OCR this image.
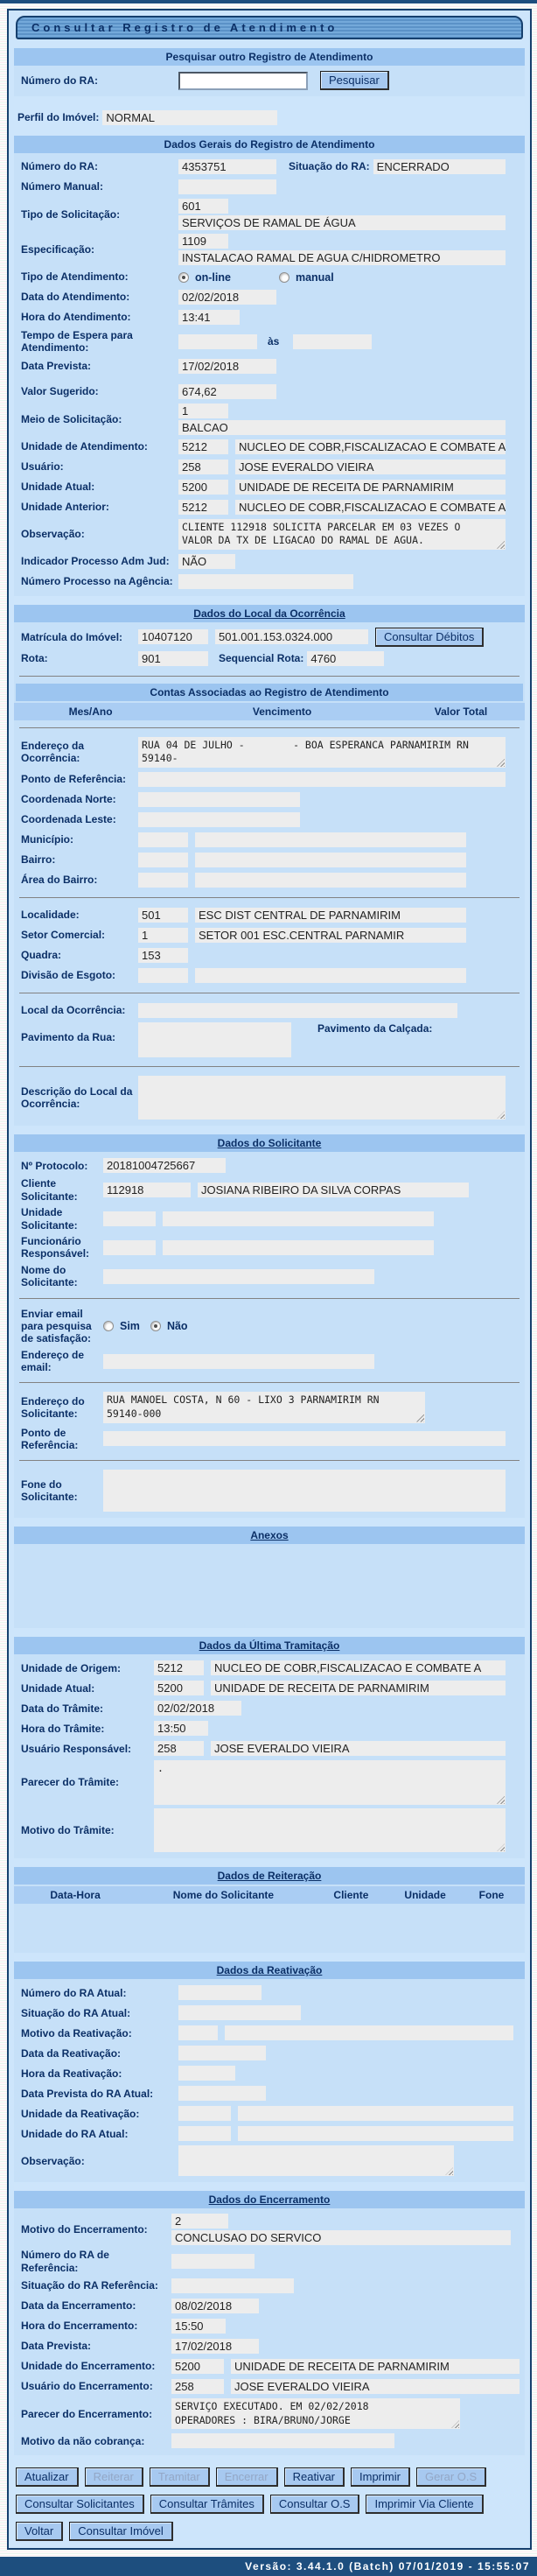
Consultar Registro de Atendimento
Pesquisar outro Registro de Atendimento
Número do RA:	Pesquisar
Perfil do Imóvel: NORMAL
Dados Gerais do Registro de Atendimento
Número do RA:	4353751	Situação do RA: ENCERRADO
Número Manual:
Tipo de Solicitação:
601
SERVIÇOS DE RAMAL DE ÁGUA
Especificação:
1109
INSTALACAO RAMAL DE AGUA C/HIDROMETRO
Tipo de Atendimento:	on-line	manual
Data do Atendimento:	02/02/2018
Hora do Atendimento:	13:41
Tempo de Espera para Atendimento:
às
Data Prevista:	17/02/2018
Valor Sugerido:	674,62
Meio de Solicitação:
1
BALCAO
Unidade de Atendimento:	5212	NUCLEO DE COBR,FISCALIZACAO E COMBATE A
Usuário:	258	JOSE EVERALDO VIEIRA
Unidade Atual:	5200	UNIDADE DE RECEITA DE PARNAMIRIM
Unidade Anterior:	5212	NUCLEO DE COBR,FISCALIZACAO E COMBATE A
Observação:
CLIENTE 112918 SOLICITA PARCELAR EM 03 VEZES O VALOR DA TX DE LIGACAO DO RAMAL DE AGUA.
Indicador Processo Adm Jud:	NÃO
Número Processo na Agência:
Dados do Local da Ocorrência
Matrícula do Imóvel:	10407120	501.001.153.0324.000	Consultar Débitos
Rota:	901	Sequencial Rota: 4760
Contas Associadas ao Registro de Atendimento
Mes/Ano	Vencimento	Valor Total
Endereço da Ocorrência:
RUA 04 DE JULHO - - BOA ESPERANCA PARNAMIRIM RN 59140-
Ponto de Referência:
Coordenada Norte:
Coordenada Leste:
Município:
Bairro:
Área do Bairro:
Localidade:	501	ESC DIST CENTRAL DE PARNAMIRIM
Setor Comercial:	1	SETOR 001 ESC.CENTRAL PARNAMIR
Quadra:	153
Divisão de Esgoto:
Local da Ocorrência:
Pavimento da Rua:
Pavimento da Calçada:
Descrição do Local da Ocorrência:
Dados do Solicitante
Nº Protocolo:	20181004725667
Cliente Solicitante:	112918	JOSIANA RIBEIRO DA SILVA CORPAS
Unidade Solicitante:
Funcionário Responsável:
Nome do Solicitante:
Enviar email para pesquisa de satisfação:
Sim Não
Endereço de email:
Endereço do Solicitante:
RUA MANOEL COSTA, N 60 - LIXO 3 PARNAMIRIM RN 59140-000
Ponto de Referência:
Fone do Solicitante:
Anexos
Dados da Última Tramitação
Unidade de Origem:	5212	NUCLEO DE COBR,FISCALIZACAO E COMBATE A
Unidade Atual:	5200	UNIDADE DE RECEITA DE PARNAMIRIM
Data do Trâmite:	02/02/2018
Hora do Trâmite:	13:50
Usuário Responsável:	258	JOSE EVERALDO VIEIRA
Parecer do Trâmite:
.
Motivo do Trâmite:
Dados de Reiteração
Data-Hora	Nome do Solicitante	Cliente	Unidade	Fone
Dados da Reativação
Número do RA Atual:
Situação do RA Atual:
Motivo da Reativação:
Data da Reativação:
Hora da Reativação:
Data Prevista do RA Atual:
Unidade da Reativação:
Unidade do RA Atual:
Observação:
Dados do Encerramento
Motivo do Encerramento:
2
CONCLUSAO DO SERVICO
Número do RA de Referência:
Situação do RA Referência:
Data da Encerramento:	08/02/2018
Hora do Encerramento:	15:50
Data Prevista:	17/02/2018
Unidade do Encerramento:	5200	UNIDADE DE RECEITA DE PARNAMIRIM
Usuário do Encerramento:	258	JOSE EVERALDO VIEIRA
Parecer do Encerramento:
SERVIÇO EXECUTADO. EM 02/02/2018 OPERADORES : BIRA/BRUNO/JORGE
Motivo da não cobrança:
Atualizar	Reiterar	Tramitar	Encerrar	Reativar	Imprimir	Gerar O.S
Consultar Solicitantes	Consultar Trâmites	Consultar O.S	Imprimir Via Cliente
Voltar	Consultar Imóvel
Versão: 3.44.1.0 (Batch) 07/01/2019 - 15:55:07
